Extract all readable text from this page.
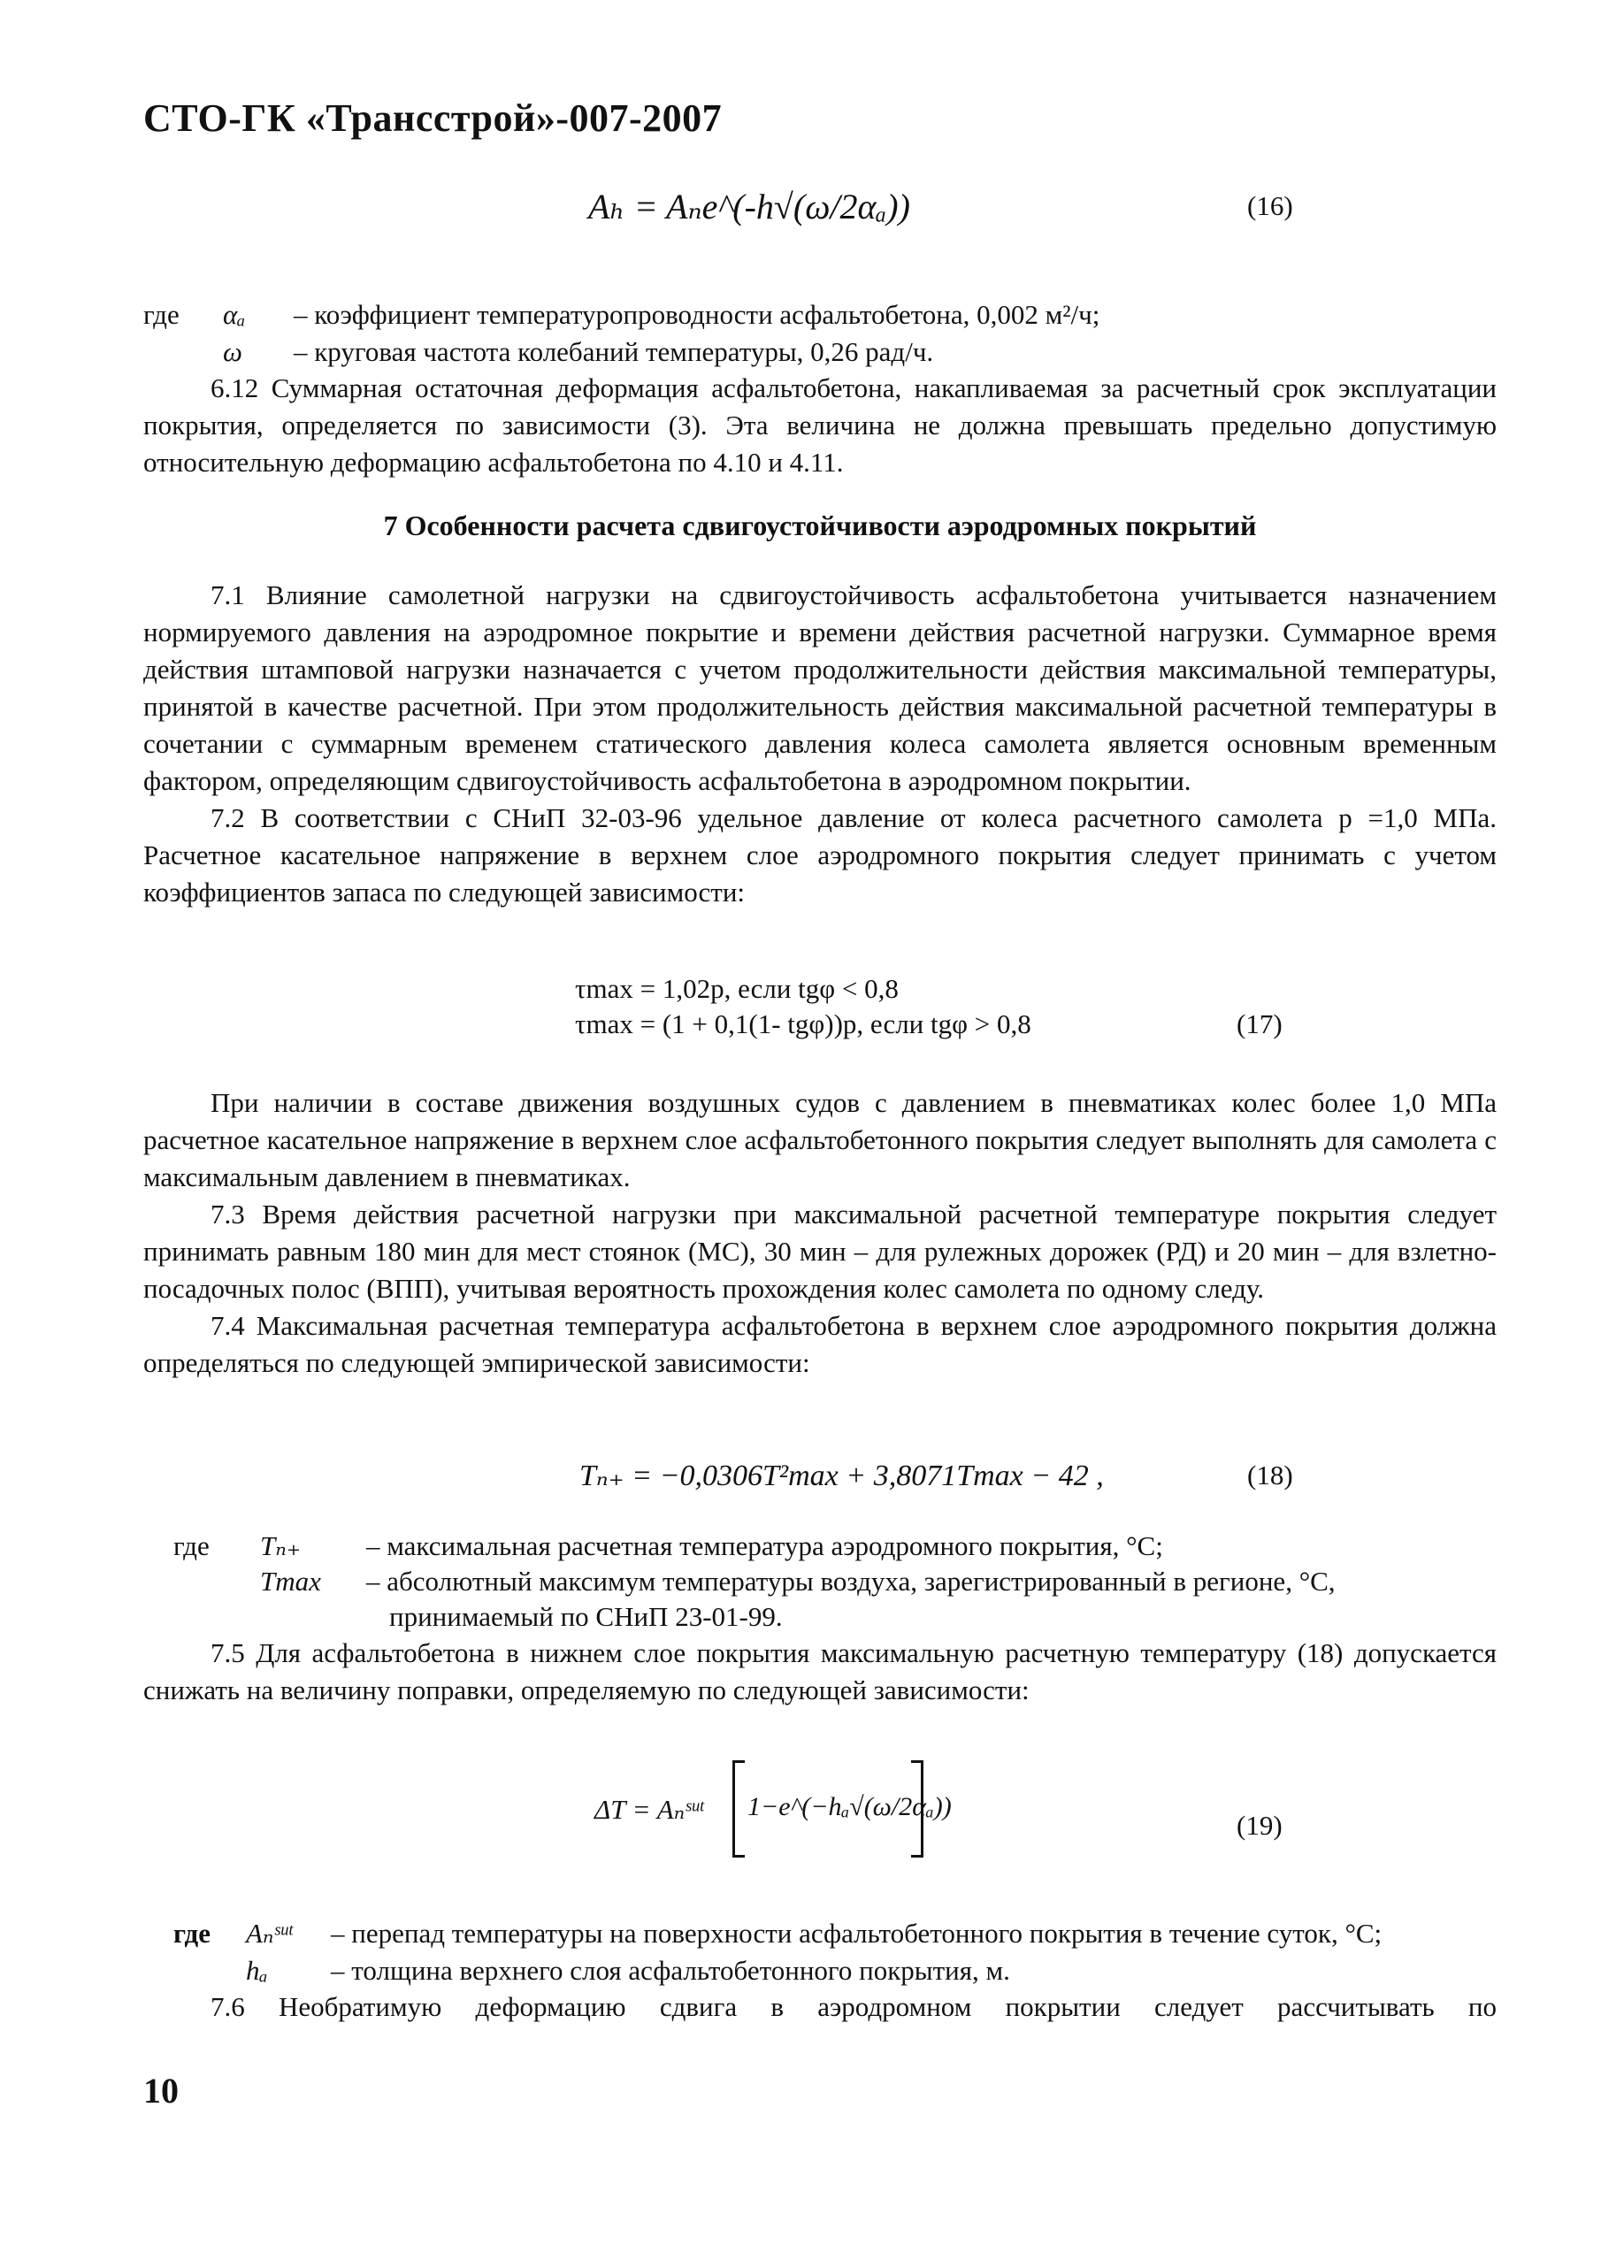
СТО-ГК «Трансстрой»-007-2007
Aₕ = Aₙe^(-h√(ω/2αₐ))	(16)
где αₐ – коэффициент температуропроводности асфальтобетона, 0,002 м²/ч;
ω – круговая частота колебаний температуры, 0,26 рад/ч.

6.12 Суммарная остаточная деформация асфальтобетона, накапливаемая за расчетный срок эксплуатации покрытия, определяется по зависимости (3). Эта величина не должна превышать предельно допустимую относительную деформацию асфальтобетона по 4.10 и 4.11.

7 Особенности расчета сдвигоустойчивости аэродромных покрытий

7.1 Влияние самолетной нагрузки на сдвигоустойчивость асфальтобетона учитывается назначением нормируемого давления на аэродромное покрытие и времени действия расчетной нагрузки. Суммарное время действия штамповой нагрузки назначается с учетом продолжительности действия максимальной температуры, принятой в качестве расчетной. При этом продолжительность действия максимальной расчетной температуры в сочетании с суммарным временем статического давления колеса самолета является основным временным фактором, определяющим сдвигоустойчивость асфальтобетона в аэродромном покрытии.

7.2 В соответствии с СНиП 32-03-96 удельное давление от колеса расчетного самолета p =1,0 МПа. Расчетное касательное напряжение в верхнем слое аэродромного покрытия следует принимать с учетом коэффициентов запаса по следующей зависимости:

τmax = 1,02p, если tgφ < 0,8
τmax = (1 + 0,1(1- tgφ))p, если tgφ > 0,8	(17)

При наличии в составе движения воздушных судов с давлением в пневматиках колес более 1,0 МПа расчетное касательное напряжение в верхнем слое асфальтобетонного покрытия следует выполнять для самолета с максимальным давлением в пневматиках.

7.3 Время действия расчетной нагрузки при максимальной расчетной температуре покрытия следует принимать равным 180 мин для мест стоянок (МС), 30 мин – для рулежных дорожек (РД) и 20 мин – для взлетно-посадочных полос (ВПП), учитывая вероятность прохождения колес самолета по одному следу.

7.4 Максимальная расчетная температура асфальтобетона в верхнем слое аэродромного покрытия должна определяться по следующей эмпирической зависимости:

Tₙ₊ = −0,0306T²max + 3,8071Tmax − 42 ,	(18)
где Tₙ₊ – максимальная расчетная температура аэродромного покрытия, °С;
Tmax – абсолютный максимум температуры воздуха, зарегистрированный в регионе, °С,
принимаемый по СНиП 23-01-99.

7.5 Для асфальтобетона в нижнем слое покрытия максимальную расчетную температуру (18) допускается снижать на величину поправки, определяемую по следующей зависимости:

ΔT = Aₙˢᵘᵗ 1−e^(−hₐ√(ω/2αₐ))
(19)
где Aₙˢᵘᵗ – перепад температуры на поверхности асфальтобетонного покрытия в течение суток, °С;
hₐ – толщина верхнего слоя асфальтобетонного покрытия, м.

7.6 Необратимую деформацию сдвига в аэродромном покрытии следует рассчитывать по

10
